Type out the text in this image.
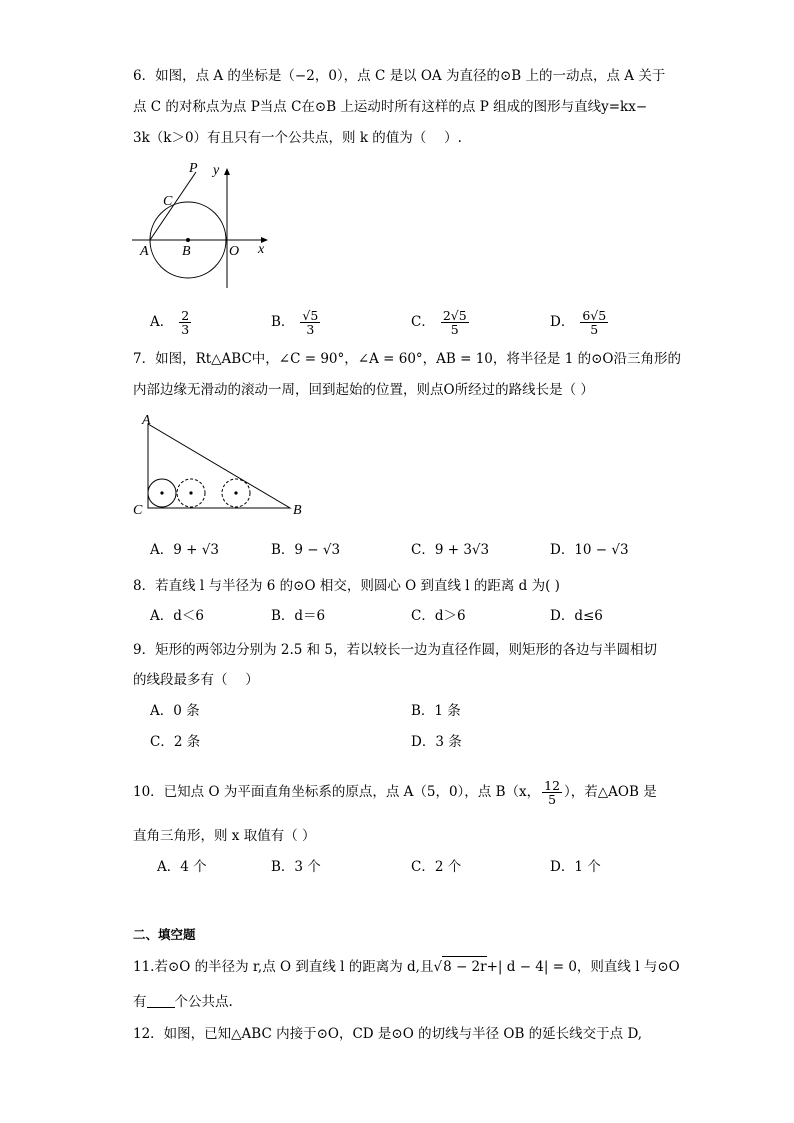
6．如图，点 A 的坐标是（−2，0），点 C 是以 OA 为直径的⊙B 上的一动点，点 A 关于
点 C 的对称点为点 P当点 C在⊙B 上运动时所有这样的点 P 组成的图形与直线y=kx−
3k（k＞0）有且只有一个公共点，则 k 的值为（　 ）.
P y
C
A B	O x
A． $\frac{2}{3}$	B． $\frac{√5}{3}$	C． $\frac{2√5}{5}$	D． $\frac{6√5}{5}$
7．如图，Rt△ABC中，∠C = 90°，∠A = 60°，AB = 10，将半径是 1 的⊙O沿三角形的
内部边缘无滑动的滚动一周，回到起始的位置，则点O所经过的路线长是（ ）
A
B
C
A．9 + √3	B．9 − √3	C．9 + 3√3	D．10 − √3
8．若直线 l 与半径为 6 的⊙O 相交，则圆心 O 到直线 l 的距离 d 为( )
A．d＜6	B．d＝6	C．d＞6	D．d≤6
9．矩形的两邻边分别为 2.5 和 5，若以较长一边为直径作圆，则矩形的各边与半圆相切
的线段最多有（　 ）
A．0 条	B．1 条
C．2 条	D．3 条
10．已知点 O 为平面直角坐标系的原点，点 A（5，0），点 B（x， $\frac{12}{5}$ ），若△AOB 是
直角三角形，则 x 取值有（ ）
A．4 个	B．3 个	C．2 个	D．1 个
二、填空题
11.若⊙O 的半径为 r,点 O 到直线 l 的距离为 d,且√8 − 2r+| d − 4| = 0，则直线 l 与⊙O
有 个公共点.
12．如图，已知△ABC 内接于⊙O，CD 是⊙O 的切线与半径 OB 的延长线交于点 D,
